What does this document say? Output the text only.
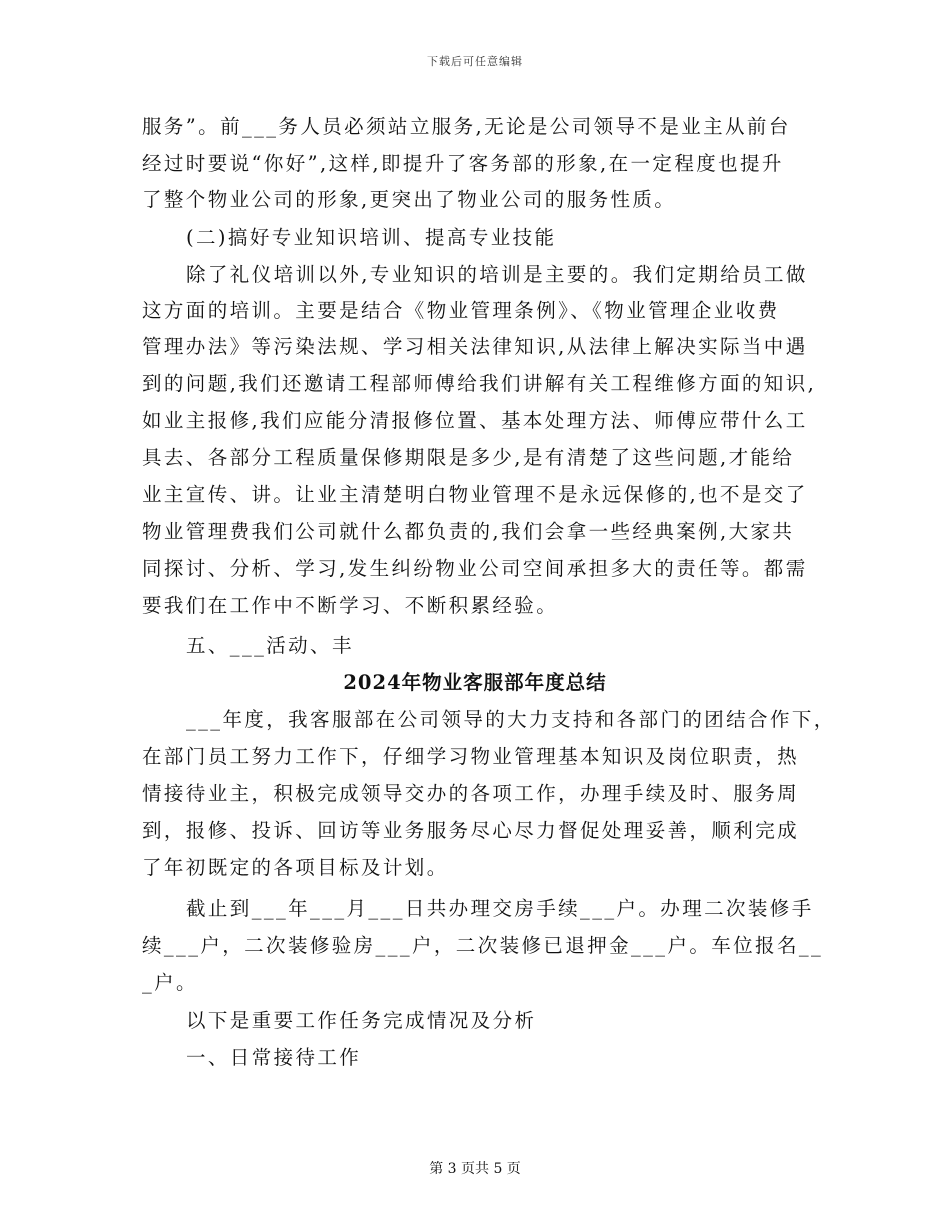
下载后可任意编辑
服务”。前___务人员必须站立服务,无论是公司领导不是业主从前台
经过时要说“你好”,这样,即提升了客务部的形象,在一定程度也提升
了整个物业公司的形象,更突出了物业公司的服务性质。
(二)搞好专业知识培训、提高专业技能
除了礼仪培训以外,专业知识的培训是主要的。我们定期给员工做
这方面的培训。主要是结合《物业管理条例》、《物业管理企业收费
管理办法》等污染法规、学习相关法律知识,从法律上解决实际当中遇
到的问题,我们还邀请工程部师傅给我们讲解有关工程维修方面的知识,
如业主报修,我们应能分清报修位置、基本处理方法、师傅应带什么工
具去、各部分工程质量保修期限是多少,是有清楚了这些问题,才能给
业主宣传、讲。让业主清楚明白物业管理不是永远保修的,也不是交了
物业管理费我们公司就什么都负责的,我们会拿一些经典案例,大家共
同探讨、分析、学习,发生纠纷物业公司空间承担多大的责任等。都需
要我们在工作中不断学习、不断积累经验。
五、___活动、丰
2024年物业客服部年度总结
___年度，我客服部在公司领导的大力支持和各部门的团结合作下，
在部门员工努力工作下，仔细学习物业管理基本知识及岗位职责，热
情接待业主，积极完成领导交办的各项工作，办理手续及时、服务周
到，报修、投诉、回访等业务服务尽心尽力督促处理妥善，顺利完成
了年初既定的各项目标及计划。
截止到___年___月___日共办理交房手续___户。办理二次装修手
续___户，二次装修验房___户，二次装修已退押金___户。车位报名__
_户。
以下是重要工作任务完成情况及分析
一、日常接待工作
第 3 页共 5 页
